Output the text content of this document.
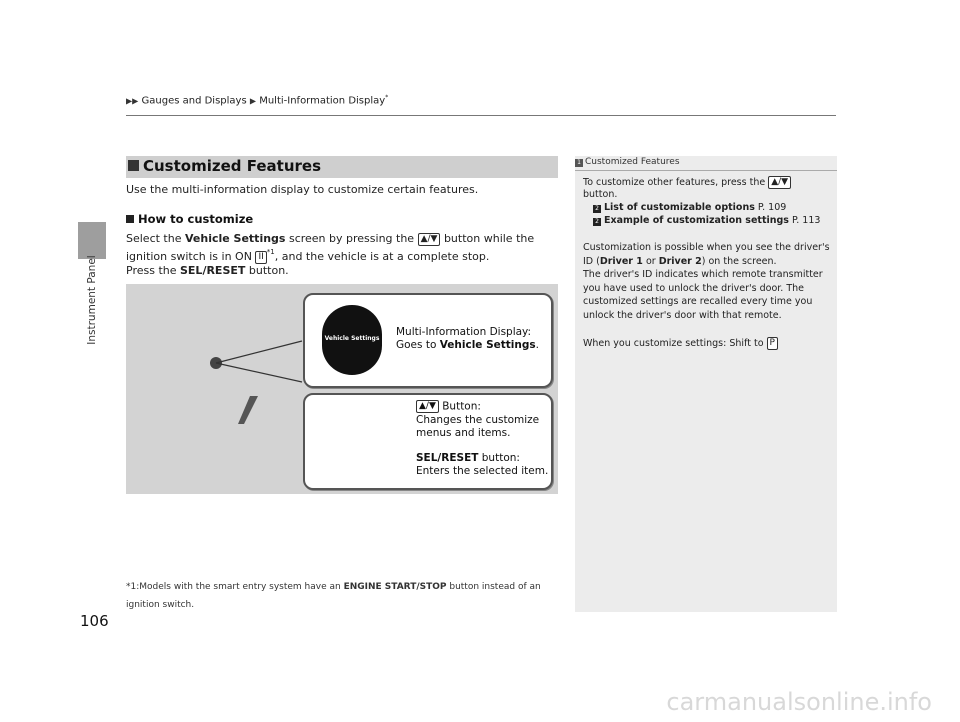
Instrument Panel
▶▶ Gauges and Displays ▶ Multi-Information Display*
Customized Features
Use the multi-information display to customize certain features.
How to customize
Select the Vehicle Settings screen by pressing the ▲/▼ button while the
ignition switch is in ON II $^{*1}$, and the vehicle is at a complete stop.
Press the SEL/RESET button.
Vehicle Settings
Multi-Information Display:
Goes to Vehicle Settings.
▲/▼ Button:
Changes the customize
menus and items.
SEL/RESET button:
Enters the selected item.
*1:Models with the smart entry system have an ENGINE START/STOP button instead of an
ignition switch.
106
1 Customized Features
To customize other features, press the ▲/▼
button.
2 List of customizable options P. 109
2 Example of customization settings P. 113
Customization is possible when you see the driver's
ID (Driver 1 or Driver 2) on the screen.
The driver's ID indicates which remote transmitter
you have used to unlock the driver's door. The
customized settings are recalled every time you
unlock the driver's door with that remote.
When you customize settings: Shift to P
carmanualsonline.info
